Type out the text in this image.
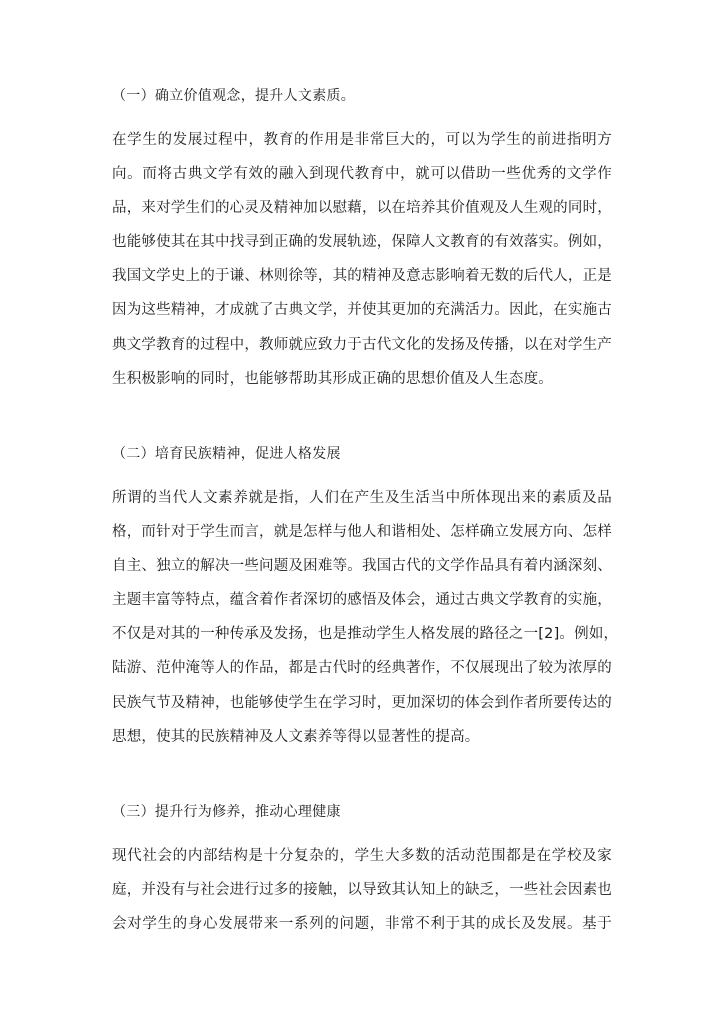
（一）确立价值观念，提升人文素质。
在学生的发展过程中，教育的作用是非常巨大的，可以为学生的前进指明方
向。而将古典文学有效的融入到现代教育中，就可以借助一些优秀的文学作
品，来对学生们的心灵及精神加以慰藉，以在培养其价值观及人生观的同时，
也能够使其在其中找寻到正确的发展轨迹，保障人文教育的有效落实。例如，
我国文学史上的于谦、林则徐等，其的精神及意志影响着无数的后代人，正是
因为这些精神，才成就了古典文学，并使其更加的充满活力。因此，在实施古
典文学教育的过程中，教师就应致力于古代文化的发扬及传播，以在对学生产
生积极影响的同时，也能够帮助其形成正确的思想价值及人生态度。
（二）培育民族精神，促进人格发展
所谓的当代人文素养就是指，人们在产生及生活当中所体现出来的素质及品
格，而针对于学生而言，就是怎样与他人和谐相处、怎样确立发展方向、怎样
自主、独立的解决一些问题及困难等。我国古代的文学作品具有着内涵深刻、
主题丰富等特点，蕴含着作者深切的感悟及体会，通过古典文学教育的实施，
不仅是对其的一种传承及发扬，也是推动学生人格发展的路径之一[2]。例如，
陆游、范仲淹等人的作品，都是古代时的经典著作，不仅展现出了较为浓厚的
民族气节及精神，也能够使学生在学习时，更加深切的体会到作者所要传达的
思想，使其的民族精神及人文素养等得以显著性的提高。
（三）提升行为修养，推动心理健康
现代社会的内部结构是十分复杂的，学生大多数的活动范围都是在学校及家
庭，并没有与社会进行过多的接触，以导致其认知上的缺乏，一些社会因素也
会对学生的身心发展带来一系列的问题，非常不利于其的成长及发展。基于
